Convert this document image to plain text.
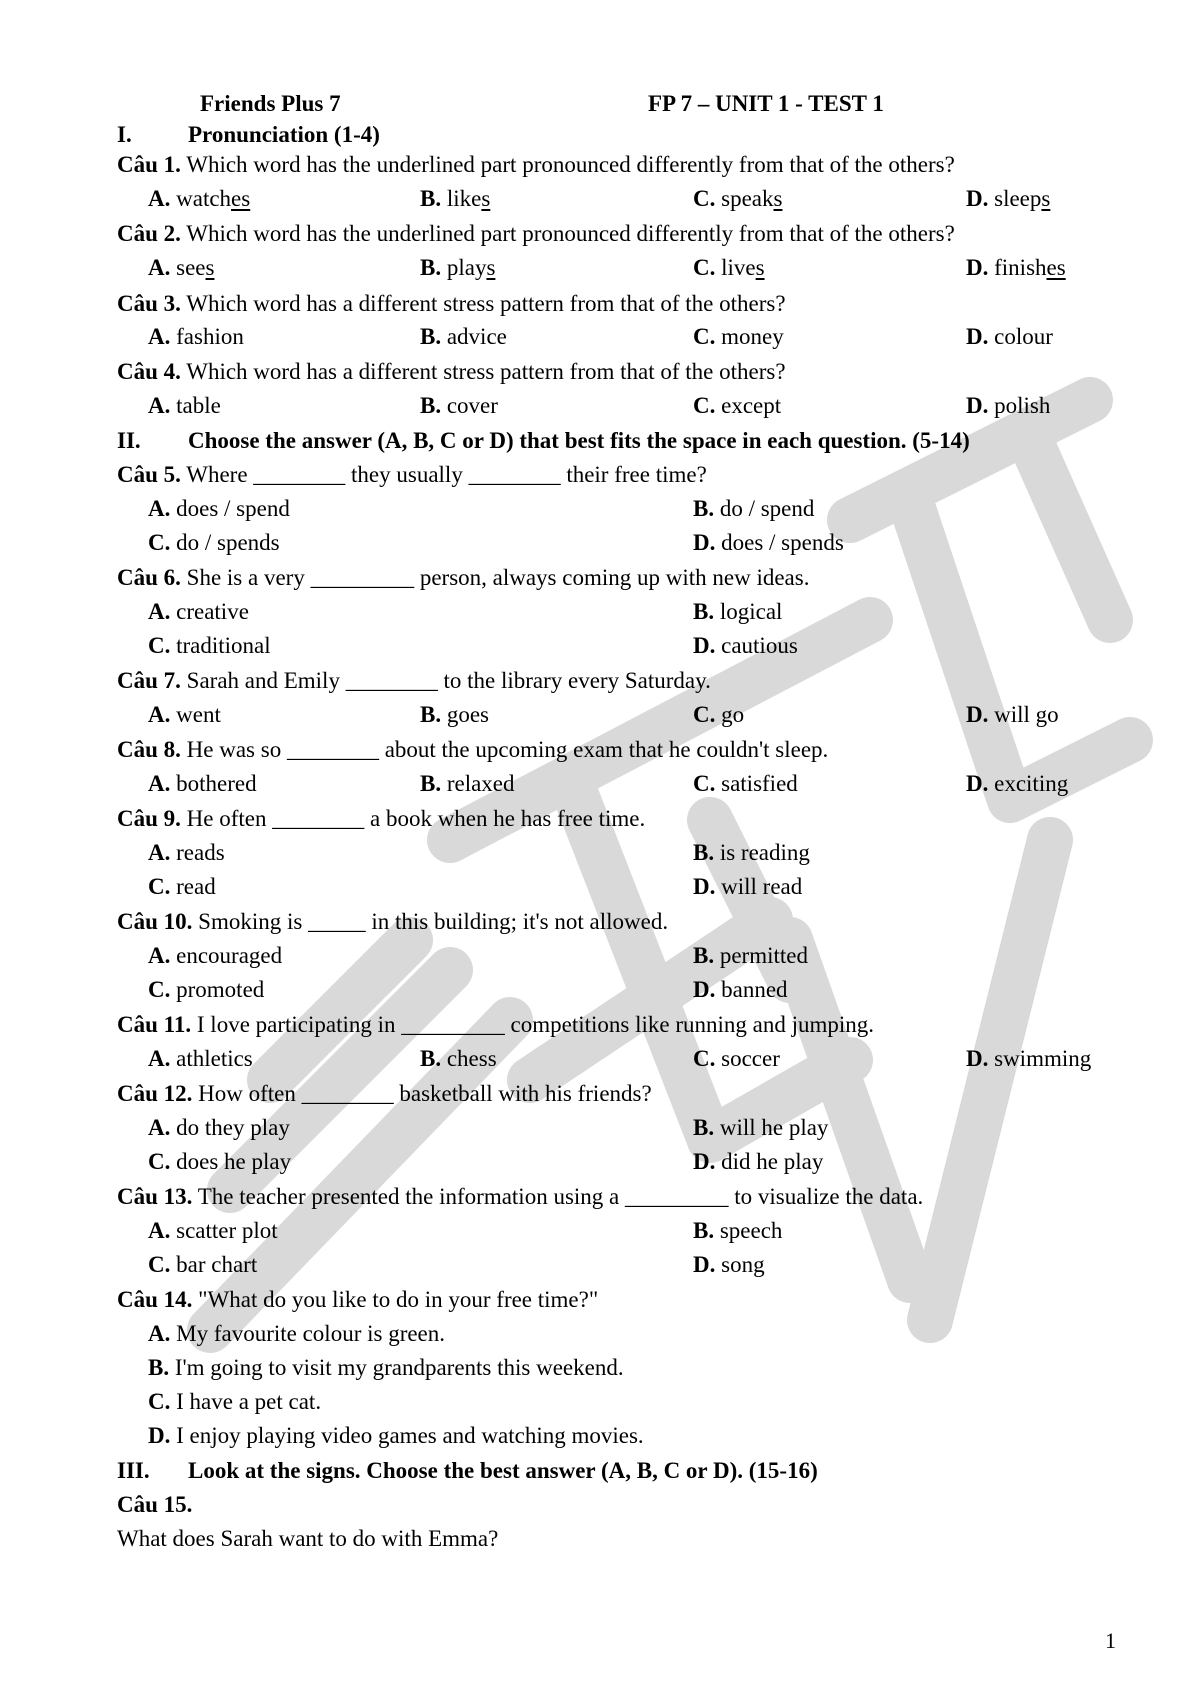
Friends Plus 7	FP 7 – UNIT 1 - TEST 1
I. Pronunciation (1-4)
Câu 1. Which word has the underlined part pronounced differently from that of the others?
A. watches	B. likes	C. speaks	D. sleeps
Câu 2. Which word has the underlined part pronounced differently from that of the others?
A. sees	B. plays	C. lives	D. finishes
Câu 3. Which word has a different stress pattern from that of the others?
A. fashion	B. advice	C. money	D. colour
Câu 4. Which word has a different stress pattern from that of the others?
A. table	B. cover	C. except	D. polish
II. Choose the answer (A, B, C or D) that best fits the space in each question. (5-14)
Câu 5. Where ________ they usually ________ their free time?
A. does / spend	B. do / spend
C. do / spends	D. does / spends
Câu 6. She is a very _________ person, always coming up with new ideas.
A. creative	B. logical
C. traditional	D. cautious
Câu 7. Sarah and Emily ________ to the library every Saturday.
A. went	B. goes	C. go	D. will go
Câu 8. He was so ________ about the upcoming exam that he couldn't sleep.
A. bothered	B. relaxed	C. satisfied	D. exciting
Câu 9. He often ________ a book when he has free time.
A. reads	B. is reading
C. read	D. will read
Câu 10. Smoking is _____ in this building; it's not allowed.
A. encouraged	B. permitted
C. promoted	D. banned
Câu 11. I love participating in _________ competitions like running and jumping.
A. athletics	B. chess	C. soccer	D. swimming
Câu 12. How often ________ basketball with his friends?
A. do they play	B. will he play
C. does he play	D. did he play
Câu 13. The teacher presented the information using a _________ to visualize the data.
A. scatter plot	B. speech
C. bar chart	D. song
Câu 14. "What do you like to do in your free time?"
A. My favourite colour is green.
B. I'm going to visit my grandparents this weekend.
C. I have a pet cat.
D. I enjoy playing video games and watching movies.
III. Look at the signs. Choose the best answer (A, B, C or D). (15-16)
Câu 15.
What does Sarah want to do with Emma?
1
